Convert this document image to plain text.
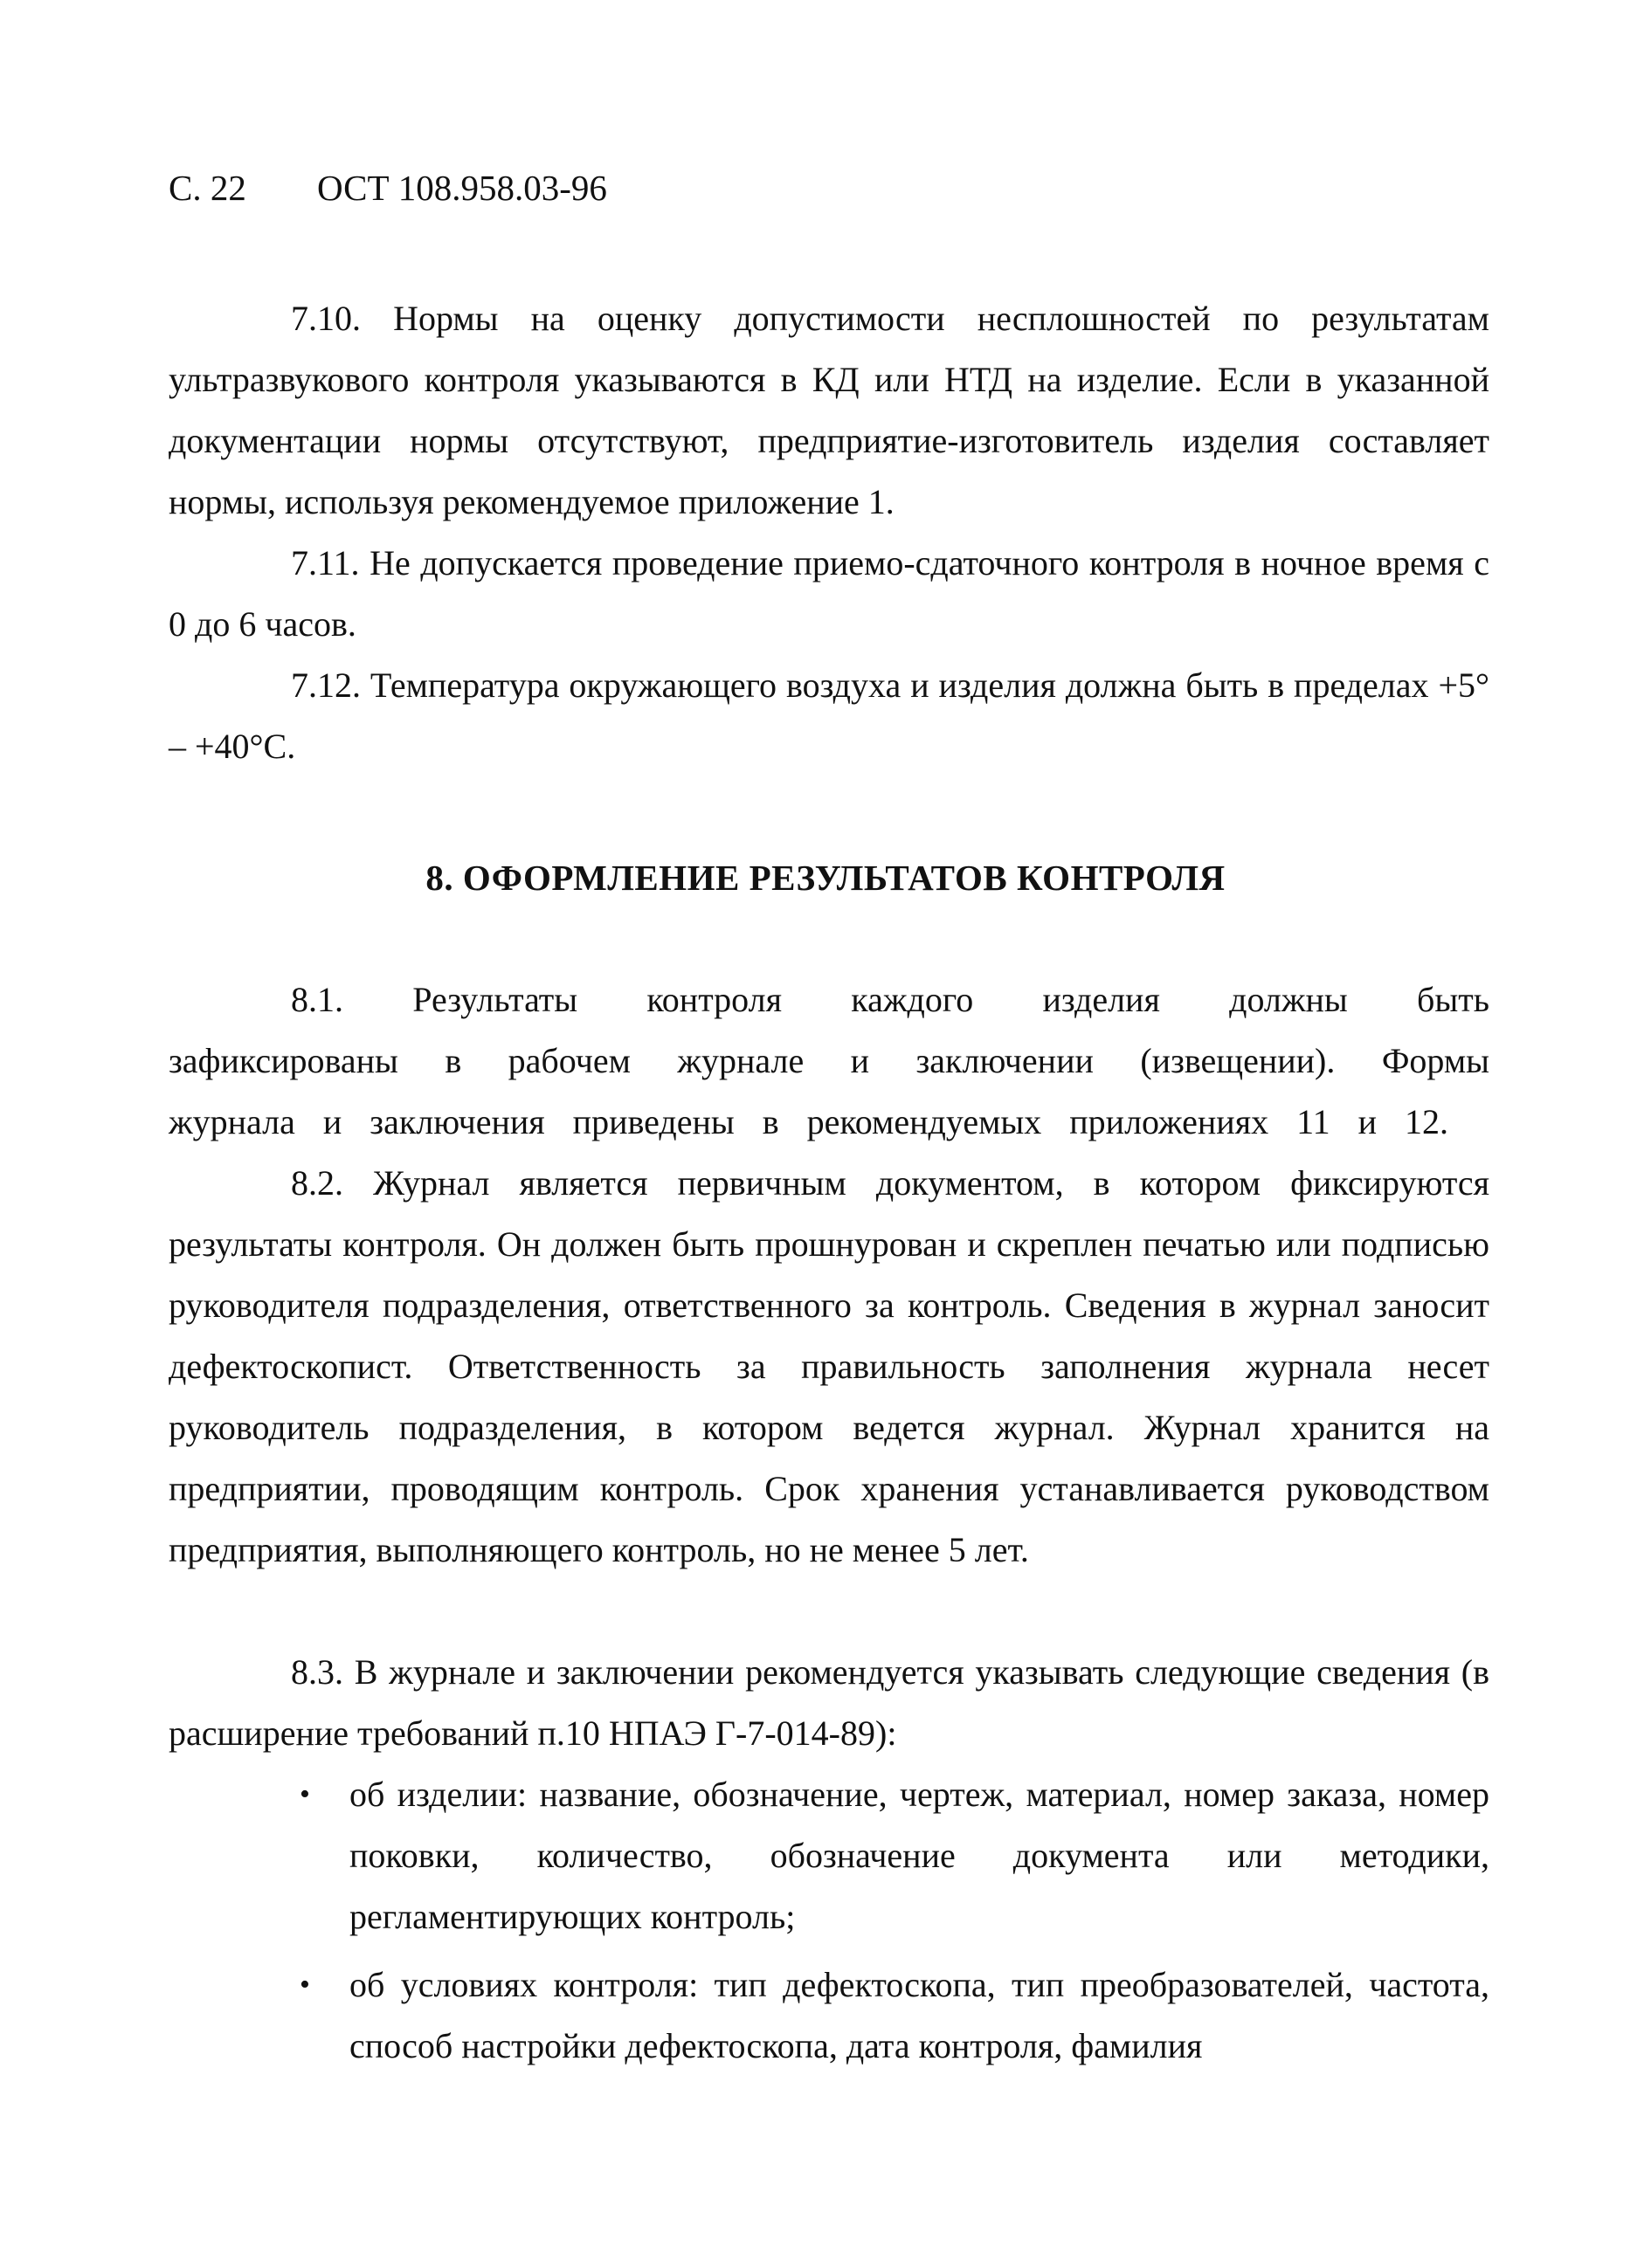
С. 22 ОСТ 108.958.03-96
7.10. Нормы на оценку допустимости несплошностей по результатам ультразвукового контроля указываются в КД или НТД на изделие. Если в указанной документации нормы отсутствуют, предприятие-изготовитель изделия составляет нормы, используя рекомендуемое приложение 1.
7.11. Не допускается проведение приемо-сдаточного контроля в ночное время с 0 до 6 часов.
7.12. Температура окружающего воздуха и изделия должна быть в пределах +5° – +40°С.
8. ОФОРМЛЕНИЕ РЕЗУЛЬТАТОВ КОНТРОЛЯ
8.1. Результаты контроля каждого изделия должны быть зафиксированы в рабочем журнале и заключении (извещении). Формы журнала и заключения приведены в рекомендуемых приложениях 11 и 12.
8.2. Журнал является первичным документом, в котором фиксируются результаты контроля. Он должен быть прошнурован и скреплен печатью или подписью руководителя подразделения, ответственного за контроль. Сведения в журнал заносит дефектоскопист. Ответственность за правильность заполнения журнала несет руководитель подразделения, в котором ведется журнал. Журнал хранится на предприятии, проводящим контроль. Срок хранения устанавливается руководством предприятия, выполняющего контроль, но не менее 5 лет.
8.3. В журнале и заключении рекомендуется указывать следующие сведения (в расширение требований п.10 НПАЭ Г-7-014-89):
•	об изделии: название, обозначение, чертеж, материал, номер заказа, номер поковки, количество, обозначение документа или методики, регламентирующих контроль;
•	об условиях контроля: тип дефектоскопа, тип преобразователей, частота, способ настройки дефектоскопа, дата контроля, фамилия
